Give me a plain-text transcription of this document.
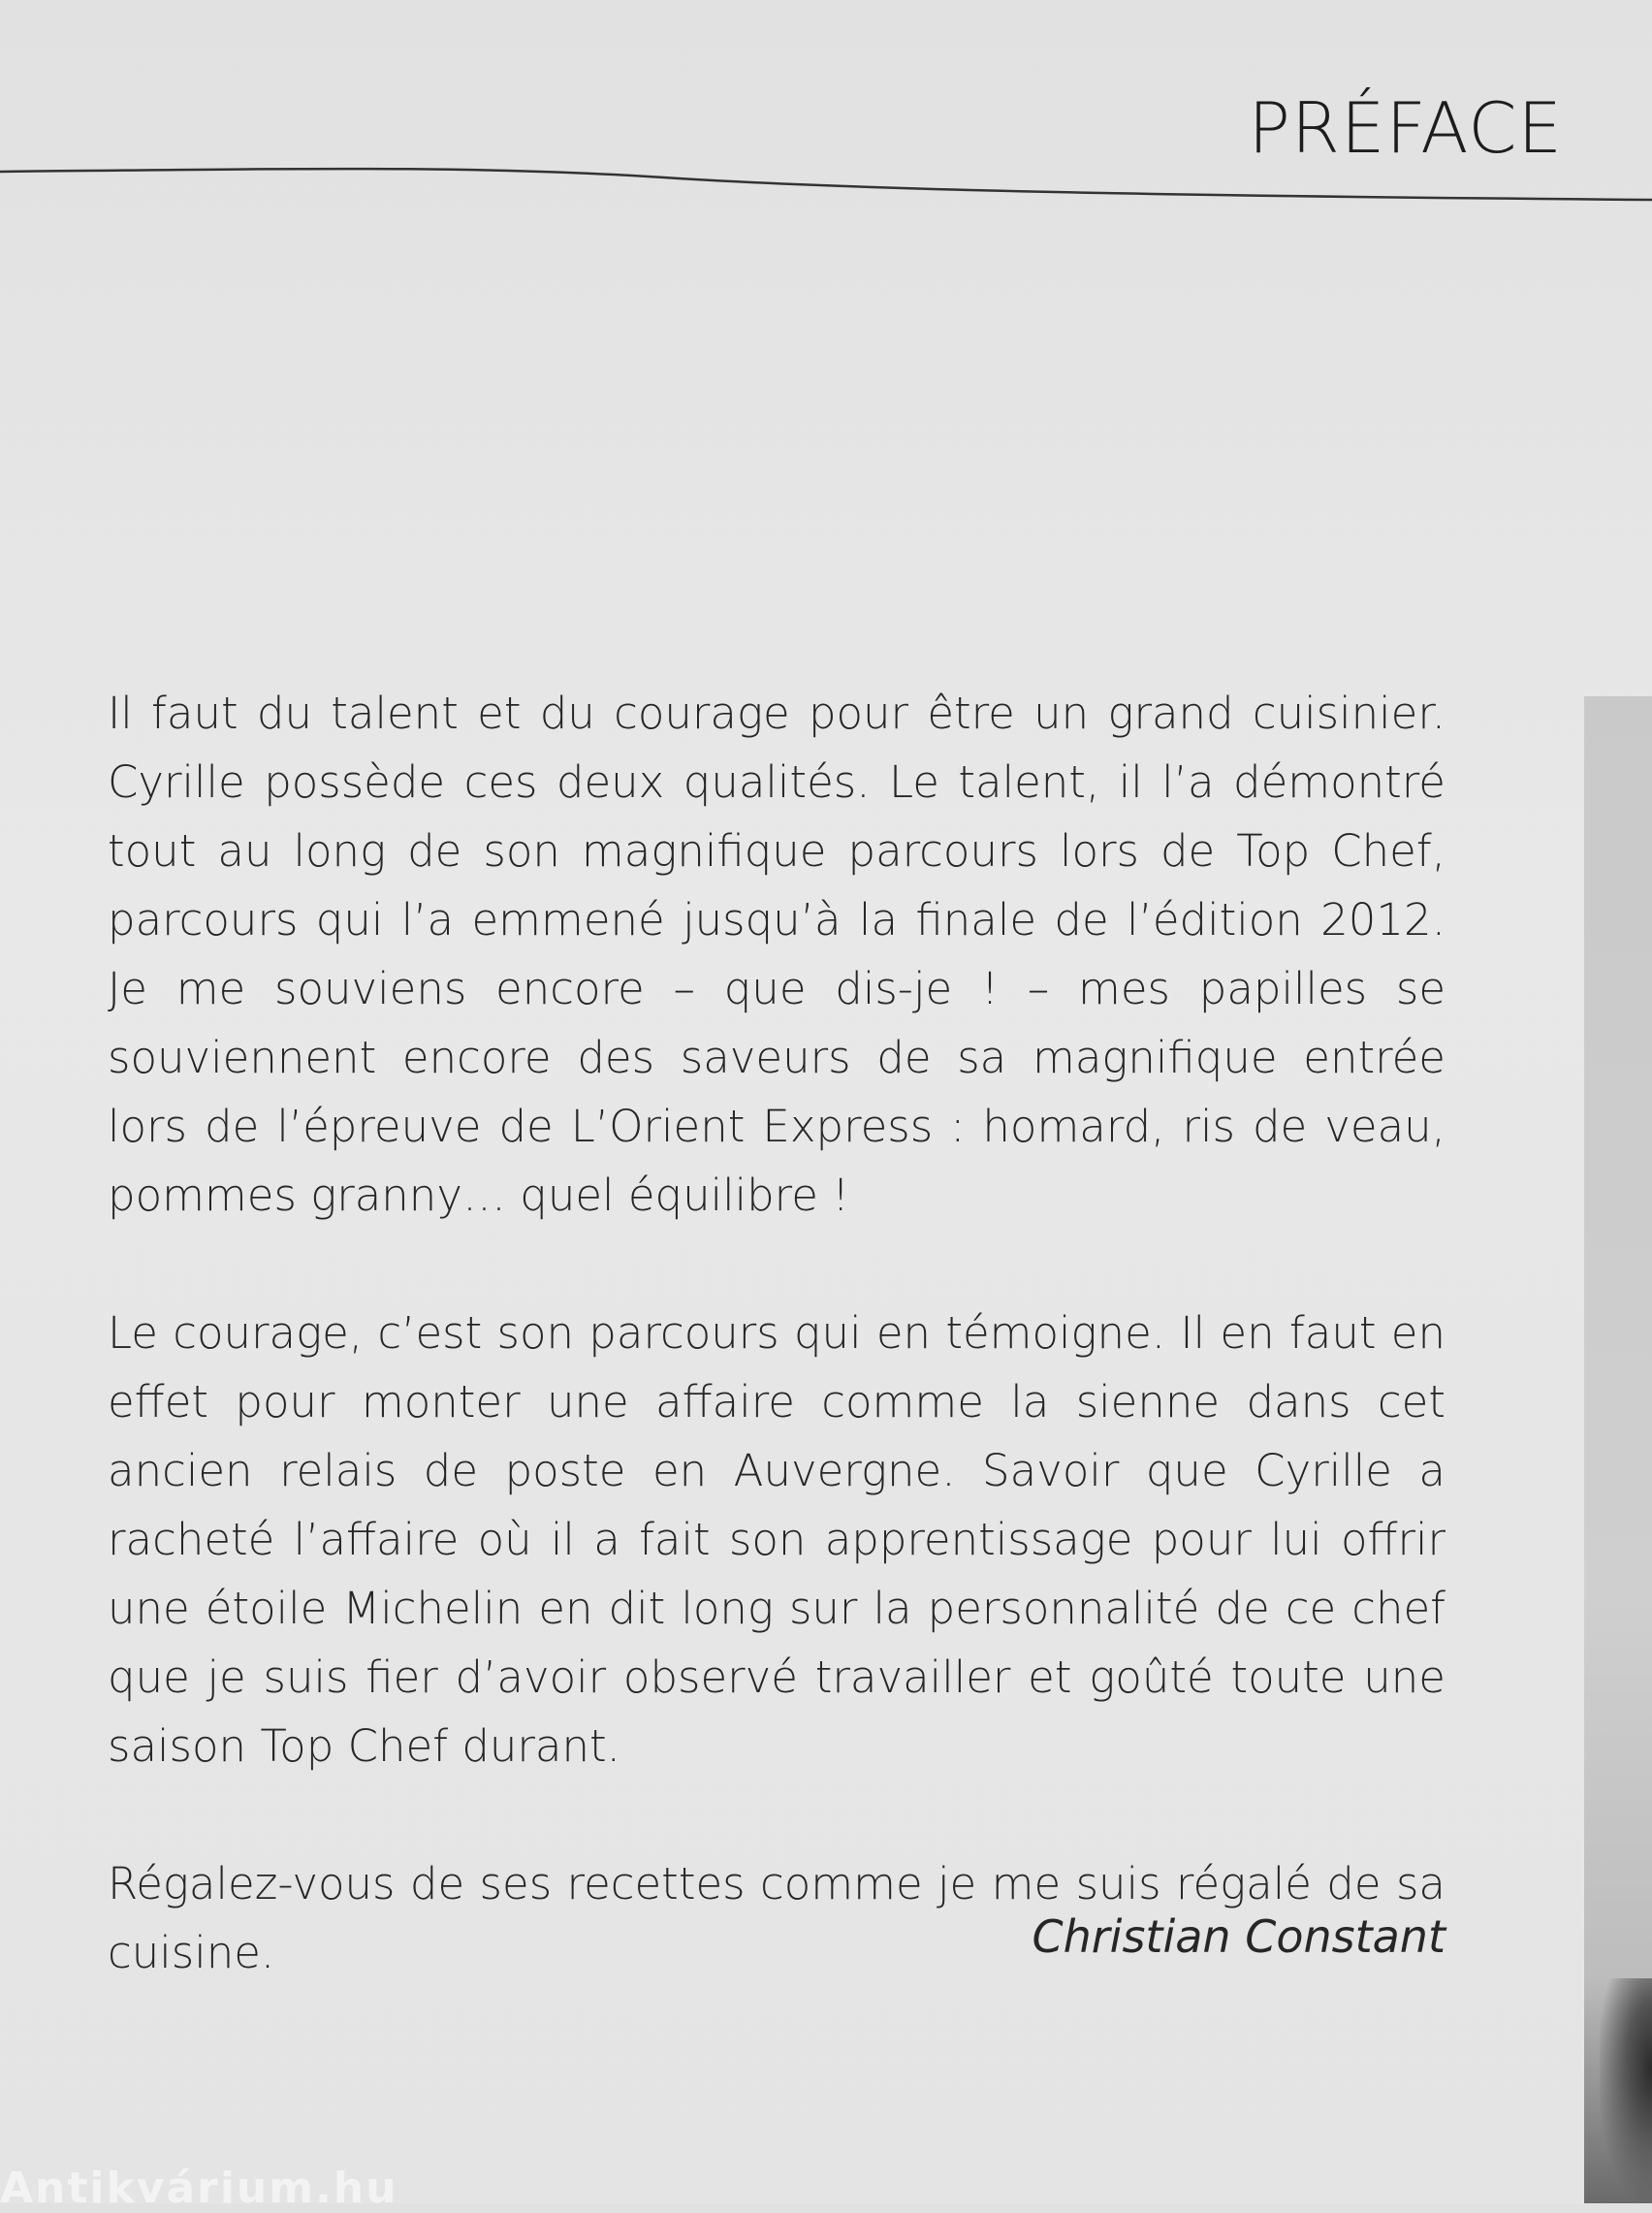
PRÉFACE

Il faut du talent et du courage pour être un grand cuisinier. Cyrille possède ces deux qualités. Le talent, il l’a démontré tout au long de son magnifique parcours lors de Top Chef, parcours qui l’a emmené jusqu’à la finale de l’édition 2012. Je me souviens encore – que dis-je ! – mes papilles se souviennent encore des saveurs de sa magnifique entrée lors de l’épreuve de L’Orient Express : homard, ris de veau, pommes granny… quel équilibre !

Le courage, c’est son parcours qui en témoigne. Il en faut en effet pour monter une affaire comme la sienne dans cet ancien relais de poste en Auvergne. Savoir que Cyrille a racheté l’affaire où il a fait son apprentissage pour lui offrir une étoile Michelin en dit long sur la personnalité de ce chef que je suis fier d’avoir observé travailler et goûté toute une saison Top Chef durant.

Régalez-vous de ses recettes comme je me suis régalé de sa cuisine.	Christian Constant

Antikvárium.hu
